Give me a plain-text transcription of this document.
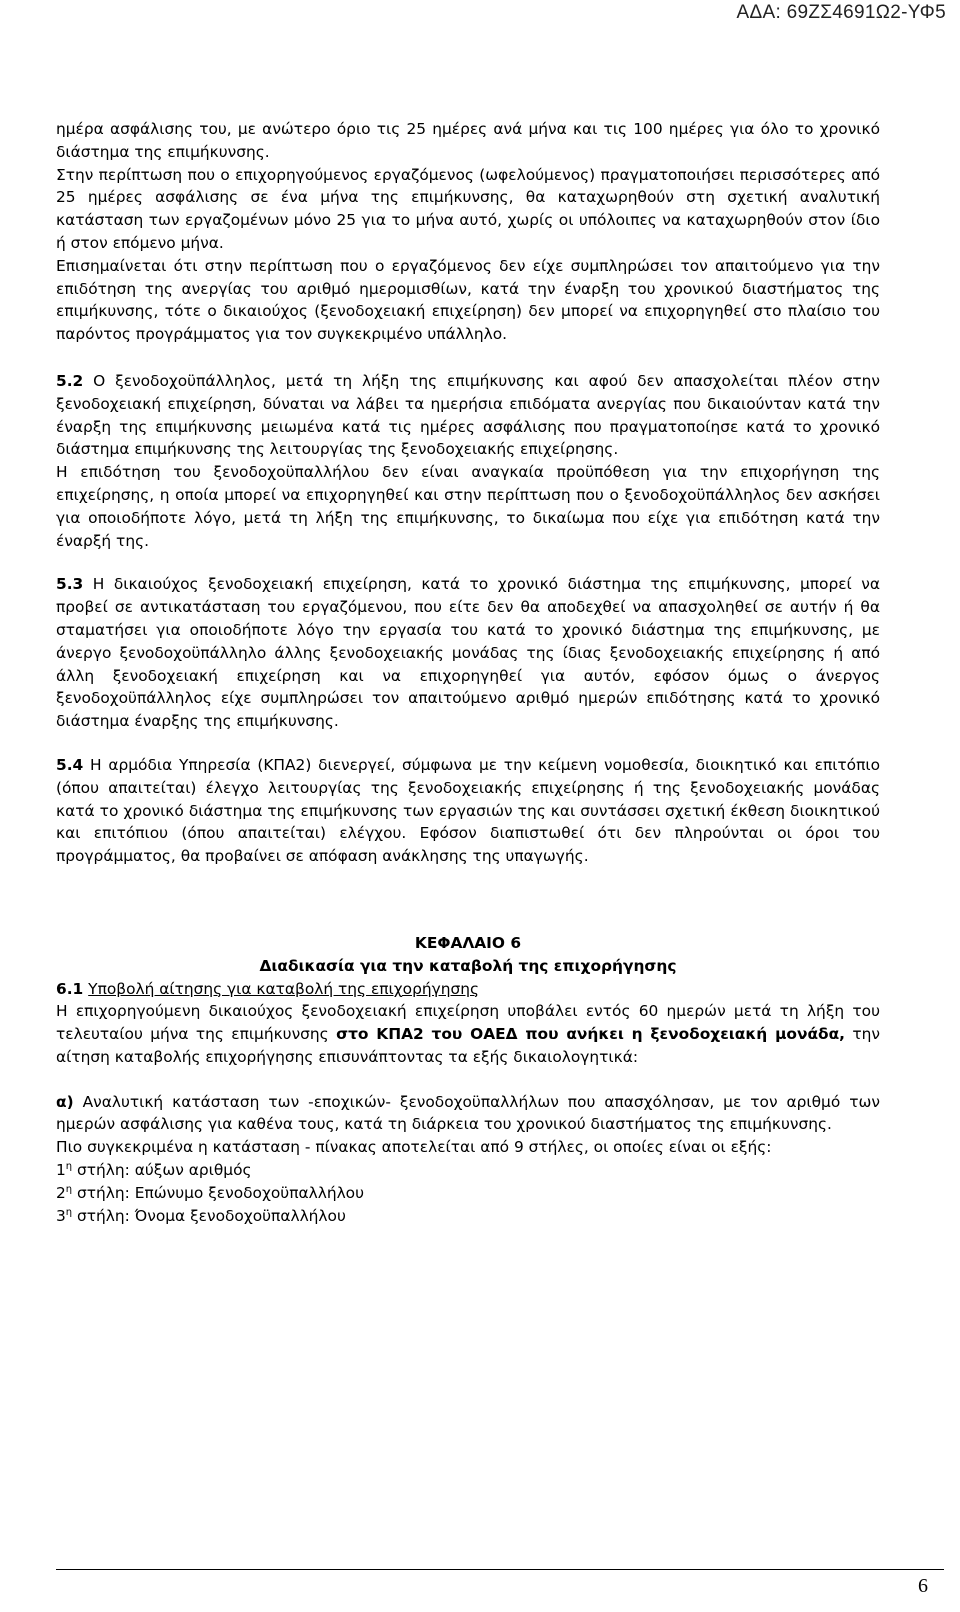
ΑΔΑ: 69ΖΣ4691Ω2-ΥΦ5

ημέρα ασφάλισης του, με ανώτερο όριο τις 25 ημέρες ανά μήνα και τις 100 ημέρες για όλο το χρονικό διάστημα της επιμήκυνσης.

Στην περίπτωση που ο επιχορηγούμενος εργαζόμενος (ωφελούμενος) πραγματοποιήσει περισσότερες από 25 ημέρες ασφάλισης σε ένα μήνα της επιμήκυνσης, θα καταχωρηθούν στη σχετική αναλυτική κατάσταση των εργαζομένων μόνο 25 για το μήνα αυτό, χωρίς οι υπόλοιπες να καταχωρηθούν στον ίδιο ή στον επόμενο μήνα.

Επισημαίνεται ότι στην περίπτωση που ο εργαζόμενος δεν είχε συμπληρώσει τον απαιτούμενο για την επιδότηση της ανεργίας του αριθμό ημερομισθίων, κατά την έναρξη του χρονικού διαστήματος της επιμήκυνσης, τότε ο δικαιούχος (ξενοδοχειακή επιχείρηση) δεν μπορεί να επιχορηγηθεί στο πλαίσιο του παρόντος προγράμματος για τον συγκεκριμένο υπάλληλο.

5.2 Ο ξενοδοχοϋπάλληλος, μετά τη λήξη της επιμήκυνσης και αφού δεν απασχολείται πλέον στην ξενοδοχειακή επιχείρηση, δύναται να λάβει τα ημερήσια επιδόματα ανεργίας που δικαιούνταν κατά την έναρξη της επιμήκυνσης μειωμένα κατά τις ημέρες ασφάλισης που πραγματοποίησε κατά το χρονικό διάστημα επιμήκυνσης της λειτουργίας της ξενοδοχειακής επιχείρησης.

Η επιδότηση του ξενοδοχοϋπαλλήλου δεν είναι αναγκαία προϋπόθεση για την επιχορήγηση της επιχείρησης, η οποία μπορεί να επιχορηγηθεί και στην περίπτωση που ο ξενοδοχοϋπάλληλος δεν ασκήσει για οποιοδήποτε λόγο, μετά τη λήξη της επιμήκυνσης, το δικαίωμα που είχε για επιδότηση κατά την έναρξή της.

5.3 Η δικαιούχος ξενοδοχειακή επιχείρηση, κατά το χρονικό διάστημα της επιμήκυνσης, μπορεί να προβεί σε αντικατάσταση του εργαζόμενου, που είτε δεν θα αποδεχθεί να απασχοληθεί σε αυτήν ή θα σταματήσει για οποιοδήποτε λόγο την εργασία του κατά το χρονικό διάστημα της επιμήκυνσης, με άνεργο ξενοδοχοϋπάλληλο άλλης ξενοδοχειακής μονάδας της ίδιας ξενοδοχειακής επιχείρησης ή από άλλη ξενοδοχειακή επιχείρηση και να επιχορηγηθεί για αυτόν, εφόσον όμως ο άνεργος ξενοδοχοϋπάλληλος είχε συμπληρώσει τον απαιτούμενο αριθμό ημερών επιδότησης κατά το χρονικό διάστημα έναρξης της επιμήκυνσης.

5.4 Η αρμόδια Υπηρεσία (ΚΠΑ2) διενεργεί, σύμφωνα με την κείμενη νομοθεσία, διοικητικό και επιτόπιο (όπου απαιτείται) έλεγχο λειτουργίας της ξενοδοχειακής επιχείρησης ή της ξενοδοχειακής μονάδας κατά το χρονικό διάστημα της επιμήκυνσης των εργασιών της και συντάσσει σχετική έκθεση διοικητικού και επιτόπιου (όπου απαιτείται) ελέγχου. Εφόσον διαπιστωθεί ότι δεν πληρούνται οι όροι του προγράμματος, θα προβαίνει σε απόφαση ανάκλησης της υπαγωγής.

ΚΕΦΑΛΑΙΟ 6

Διαδικασία για την καταβολή της επιχορήγησης

6.1 Υποβολή αίτησης για καταβολή της επιχορήγησης

Η επιχορηγούμενη δικαιούχος ξενοδοχειακή επιχείρηση υποβάλει εντός 60 ημερών μετά τη λήξη του τελευταίου μήνα της επιμήκυνσης στο ΚΠΑ2 του ΟΑΕΔ που ανήκει η ξενοδοχειακή μονάδα, την αίτηση καταβολής επιχορήγησης επισυνάπτοντας τα εξής δικαιολογητικά:

α) Αναλυτική κατάσταση των -εποχικών- ξενοδοχοϋπαλλήλων που απασχόλησαν, με τον αριθμό των ημερών ασφάλισης για καθένα τους, κατά τη διάρκεια του χρονικού διαστήματος της επιμήκυνσης.

Πιο συγκεκριμένα η κατάσταση - πίνακας αποτελείται από 9 στήλες, οι οποίες είναι οι εξής:

$1^\eta$ στήλη: αύξων αριθμός

$2^\eta$ στήλη: Επώνυμο ξενοδοχοϋπαλλήλου

$3^\eta$ στήλη: Όνομα ξενοδοχοϋπαλλήλου

6
